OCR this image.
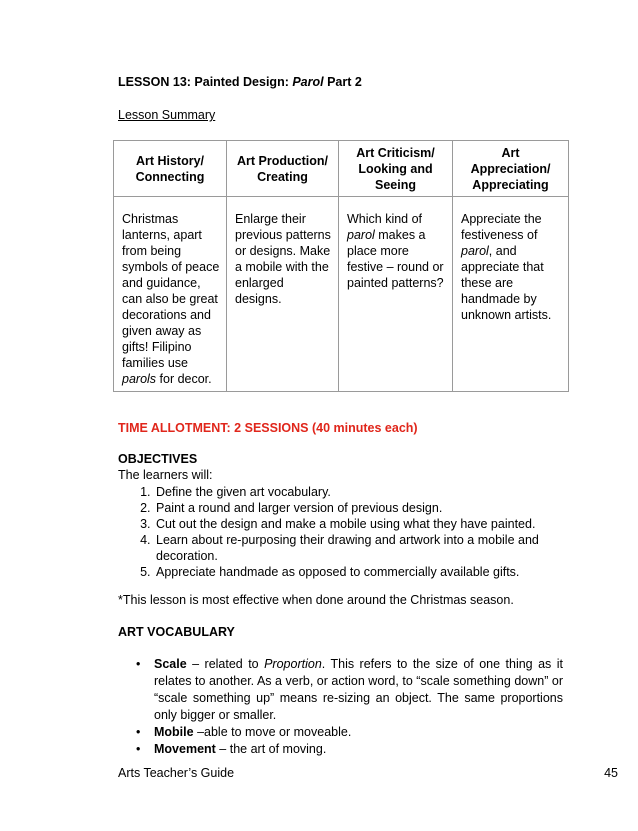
LESSON 13: Painted Design: Parol Part 2
Lesson Summary
Art History/ Connecting	Art Production/ Creating	Art Criticism/ Looking and Seeing	Art Appreciation/ Appreciating

Christmas lanterns, apart from being symbols of peace and guidance, can also be great decorations and given away as gifts! Filipino families use parols for decor.	Enlarge their previous patterns or designs. Make a mobile with the enlarged designs.	Which kind of parol makes a place more festive – round or painted patterns?	Appreciate the festiveness of parol, and appreciate that these are handmade by unknown artists.
TIME ALLOTMENT: 2 SESSIONS (40 minutes each)
OBJECTIVES
The learners will:
1. Define the given art vocabulary.
2. Paint a round and larger version of previous design.
3. Cut out the design and make a mobile using what they have painted.
4. Learn about re-purposing their drawing and artwork into a mobile and decoration.
5. Appreciate handmade as opposed to commercially available gifts.
*This lesson is most effective when done around the Christmas season.
ART VOCABULARY
• Scale – related to Proportion. This refers to the size of one thing as it relates to another. As a verb, or action word, to “scale something down” or “scale something up” means re-sizing an object. The same proportions only bigger or smaller.
• Mobile –able to move or moveable.
• Movement – the art of moving.
Arts Teacher’s Guide	45
